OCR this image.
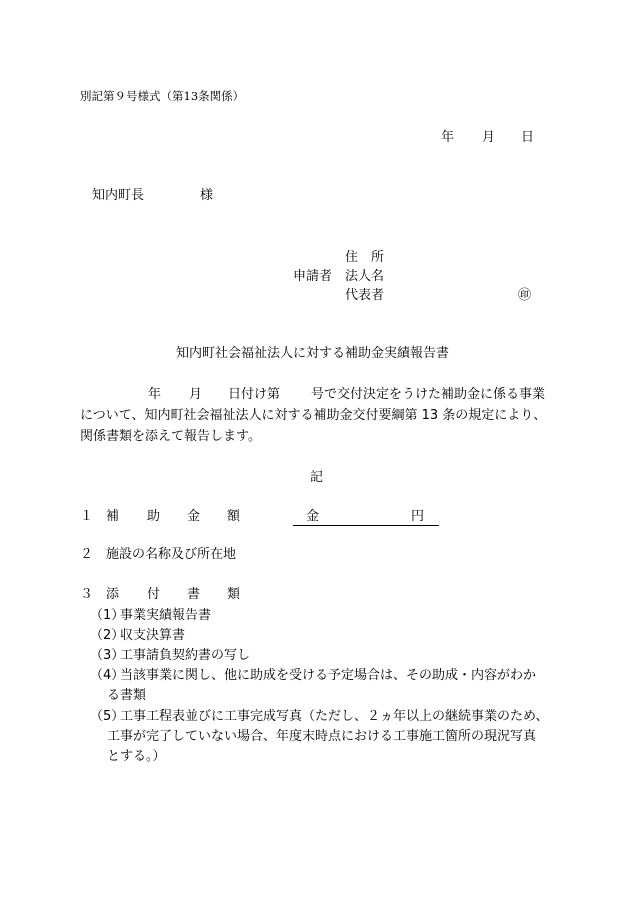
別記第９号様式（第13条関係）
年 月 日
知内町長	様
住　所
申請者 法人名
代表者	㊞
知内町社会福祉法人に対する補助金実績報告書
年 月 日付け第 号で交付決定をうけた補助金に係る事業
について、知内町社会福祉法人に対する補助金交付要綱第 13 条の規定により、
関係書類を添えて報告します。
記
１ 補 助 金 額	金	円
２ 施設の名称及び所在地
３ 添 付 書 類
（1）
事業実績報告書
（2）
収支決算書
（3）
工事請負契約書の写し
（4）
当該事業に関し、他に助成を受ける予定場合は、その助成・内容がわか
る書類
（5）
工事工程表並びに工事完成写真（ただし、２ヵ年以上の継続事業のため、
工事が完了していない場合、年度末時点における工事施工箇所の現況写真
とする。）
